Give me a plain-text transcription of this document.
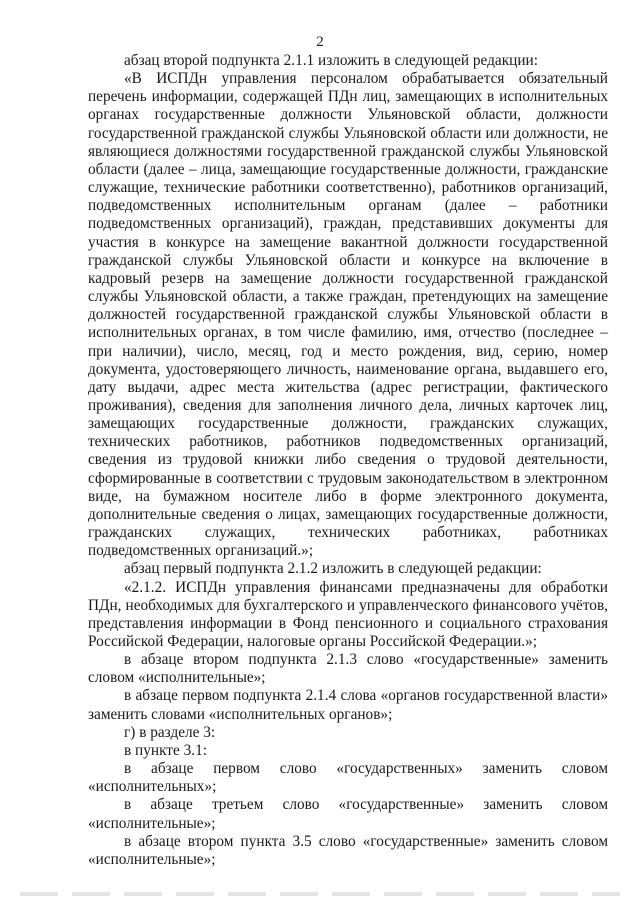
2

абзац второй подпункта 2.1.1 изложить в следующей редакции:

«В ИСПДн управления персоналом обрабатывается обязательный перечень информации, содержащей ПДн лиц, замещающих в исполнительных органах государственные должности Ульяновской области, должности государственной гражданской службы Ульяновской области или должности, не являющиеся должностями государственной гражданской службы Ульяновской области (далее – лица, замещающие государственные должности, гражданские служащие, технические работники соответственно), работников организаций, подведомственных исполнительным органам (далее – работники подведомственных организаций), граждан, представивших документы для участия в конкурсе на замещение вакантной должности государственной гражданской службы Ульяновской области и конкурсе на включение в кадровый резерв на замещение должности государственной гражданской службы Ульяновской области, а также граждан, претендующих на замещение должностей государственной гражданской службы Ульяновской области в исполнительных органах, в том числе фамилию, имя, отчество (последнее – при наличии), число, месяц, год и место рождения, вид, серию, номер документа, удостоверяющего личность, наименование органа, выдавшего его, дату выдачи, адрес места жительства (адрес регистрации, фактического проживания), сведения для заполнения личного дела, личных карточек лиц, замещающих государственные должности, гражданских служащих, технических работников, работников подведомственных организаций, сведения из трудовой книжки либо сведения о трудовой деятельности, сформированные в соответствии с трудовым законодательством в электронном виде, на бумажном носителе либо в форме электронного документа, дополнительные сведения о лицах, замещающих государственные должности, гражданских служащих, технических работниках, работниках подведомственных организаций.»;

абзац первый подпункта 2.1.2 изложить в следующей редакции:

«2.1.2. ИСПДн управления финансами предназначены для обработки ПДн, необходимых для бухгалтерского и управленческого финансового учётов, представления информации в Фонд пенсионного и социального страхования Российской Федерации, налоговые органы Российской Федерации.»;

в абзаце втором подпункта 2.1.3 слово «государственные» заменить словом «исполнительные»;

в абзаце первом подпункта 2.1.4 слова «органов государственной власти» заменить словами «исполнительных органов»;

г) в разделе 3:

в пункте 3.1:

в абзаце первом слово «государственных» заменить словом «исполнительных»;

в абзаце третьем слово «государственные» заменить словом «исполнительные»;

в абзаце втором пункта 3.5 слово «государственные» заменить словом «исполнительные»;
